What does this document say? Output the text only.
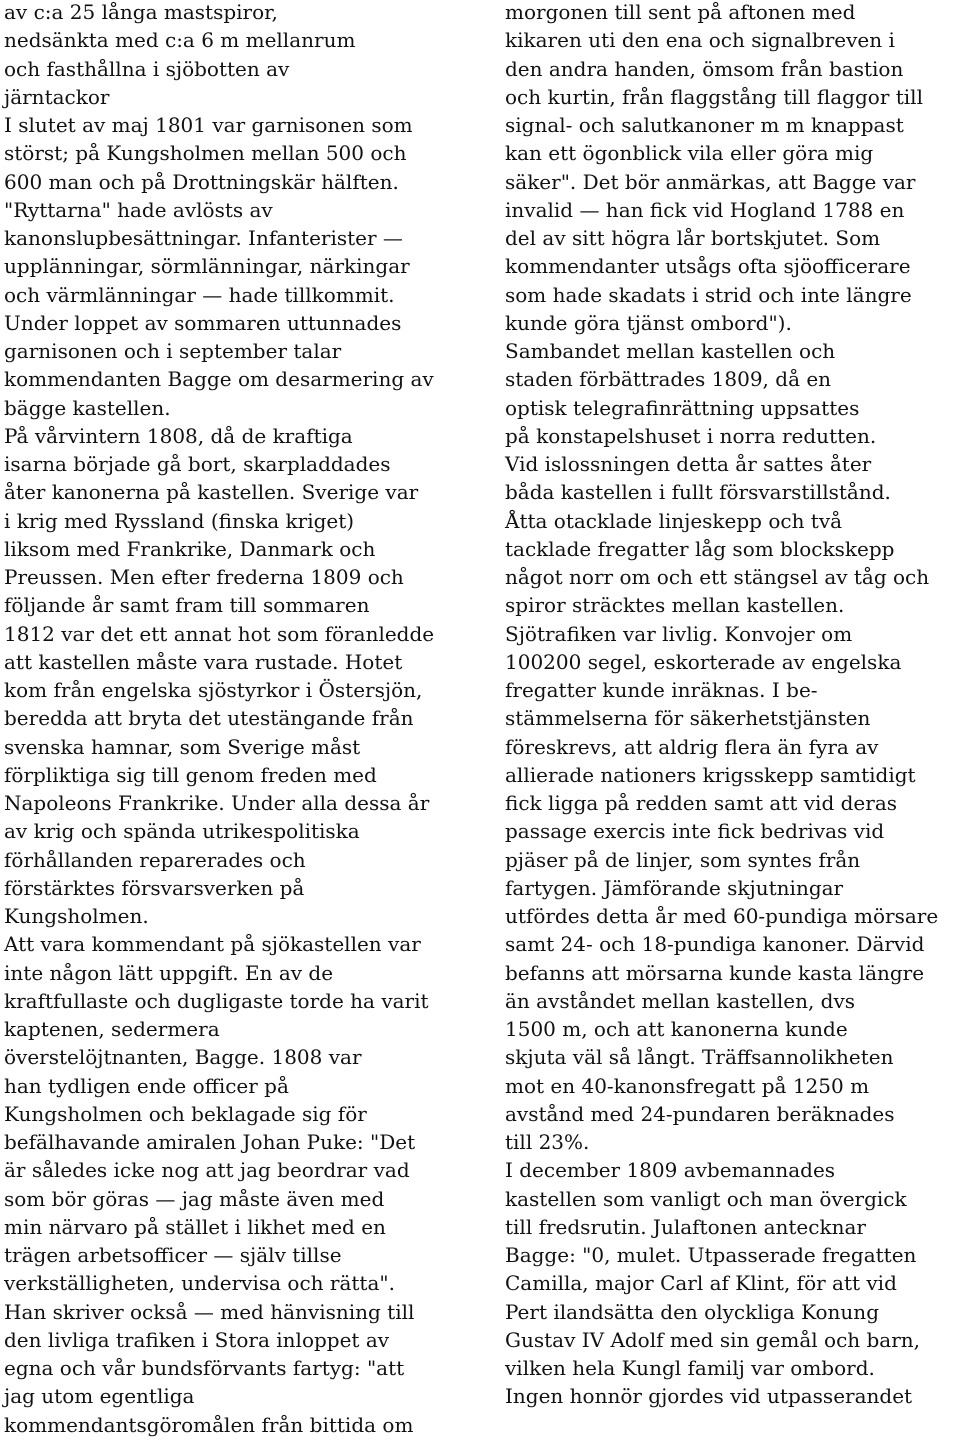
av c:a 25 långa mastspiror,
nedsänkta med c:a 6 m mellanrum
och fasthållna i sjöbotten av
järntackor
I slutet av maj 1801 var garnisonen som
störst; på Kungsholmen mellan 500 och
600 man och på Drottningskär hälften.
"Ryttarna" hade avlösts av
kanonslupbesättningar. Infanterister —
upplänningar, sörmlänningar, närkingar
och värmlänningar — hade tillkommit.
Under loppet av sommaren uttunnades
garnisonen och i september talar
kommendanten Bagge om desarmering av
bägge kastellen.
På vårvintern 1808, då de kraftiga
isarna började gå bort, skarpladdades
åter kanonerna på kastellen. Sverige var
i krig med Ryssland (finska kriget)
liksom med Frankrike, Danmark och
Preussen. Men efter frederna 1809 och
följande år samt fram till sommaren
1812 var det ett annat hot som föranledde
att kastellen måste vara rustade. Hotet
kom från engelska sjöstyrkor i Östersjön,
beredda att bryta det utestängande från
svenska hamnar, som Sverige måst
förpliktiga sig till genom freden med
Napoleons Frankrike. Under alla dessa år
av krig och spända utrikespolitiska
förhållanden reparerades och
förstärktes försvarsverken på
Kungsholmen.
Att vara kommendant på sjökastellen var
inte någon lätt uppgift. En av de
kraftfullaste och dugligaste torde ha varit
kaptenen, sedermera
överstelöjtnanten, Bagge. 1808 var
han tydligen ende officer på
Kungsholmen och beklagade sig för
befälhavande amiralen Johan Puke: "Det
är således icke nog att jag beordrar vad
som bör göras — jag måste även med
min närvaro på stället i likhet med en
trägen arbetsofficer — själv tillse
verkställigheten, undervisa och rätta".
Han skriver också — med hänvisning till
den livliga trafiken i Stora inloppet av
egna och vår bundsförvants fartyg: "att
jag utom egentliga
kommendantsgöromålen från bittida om
morgonen till sent på aftonen med
kikaren uti den ena och signalbreven i
den andra handen, ömsom från bastion
och kurtin, från flaggstång till flaggor till
signal- och salutkanoner m m knappast
kan ett ögonblick vila eller göra mig
säker". Det bör anmärkas, att Bagge var
invalid — han fick vid Hogland 1788 en
del av sitt högra lår bortskjutet. Som
kommendanter utsågs ofta sjöofficerare
som hade skadats i strid och inte längre
kunde göra tjänst ombord").
Sambandet mellan kastellen och
staden förbättrades 1809, då en
optisk telegrafinrättning uppsattes
på konstapelshuset i norra redutten.
Vid islossningen detta år sattes åter
båda kastellen i fullt försvarstillstånd.
Åtta otacklade linjeskepp och två
tacklade fregatter låg som blockskepp
något norr om och ett stängsel av tåg och
spiror sträcktes mellan kastellen.
Sjötrafiken var livlig. Konvojer om
100200 segel, eskorterade av engelska
fregatter kunde inräknas. I be-
stämmelserna för säkerhetstjänsten
föreskrevs, att aldrig flera än fyra av
allierade nationers krigsskepp samtidigt
fick ligga på redden samt att vid deras
passage exercis inte fick bedrivas vid
pjäser på de linjer, som syntes från
fartygen. Jämförande skjutningar
utfördes detta år med 60-pundiga mörsare
samt 24- och 18-pundiga kanoner. Därvid
befanns att mörsarna kunde kasta längre
än avståndet mellan kastellen, dvs
1500 m, och att kanonerna kunde
skjuta väl så långt. Träffsannolikheten
mot en 40-kanonsfregatt på 1250 m
avstånd med 24-pundaren beräknades
till 23%.
I december 1809 avbemannades
kastellen som vanligt och man övergick
till fredsrutin. Julaftonen antecknar
Bagge: "0, mulet. Utpasserade fregatten
Camilla, major Carl af Klint, för att vid
Pert ilandsätta den olyckliga Konung
Gustav IV Adolf med sin gemål och barn,
vilken hela Kungl familj var ombord.
Ingen honnör gjordes vid utpasserandet
